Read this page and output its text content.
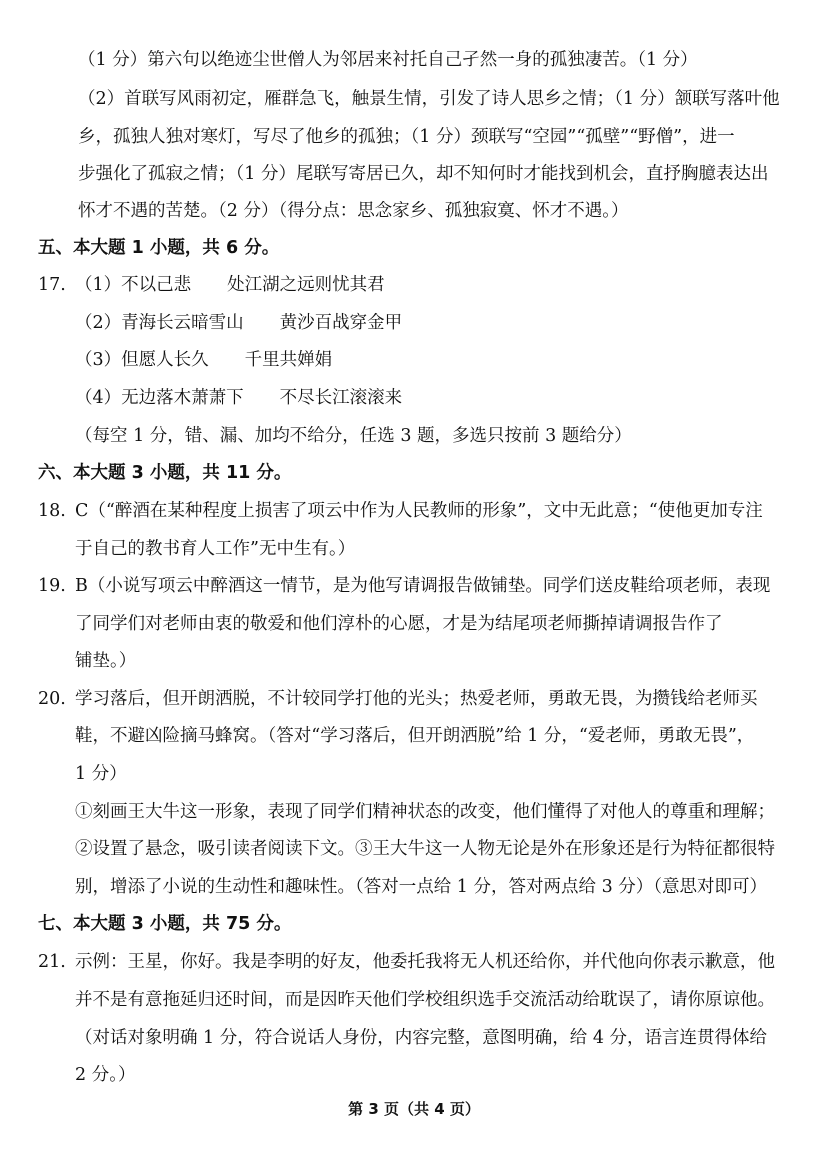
（1 分）第六句以绝迹尘世僧人为邻居来衬托自己孑然一身的孤独凄苦。（1 分）
（2）首联写风雨初定，雁群急飞，触景生情，引发了诗人思乡之情；（1 分）颔联写落叶他
乡，孤独人独对寒灯，写尽了他乡的孤独；（1 分）颈联写“空园”“孤壁”“野僧”，进一
步强化了孤寂之情；（1 分）尾联写寄居已久，却不知何时才能找到机会，直抒胸臆表达出
怀才不遇的苦楚。（2 分）（得分点：思念家乡、孤独寂寞、怀才不遇。）
五、本大题 1 小题，共 6 分。
17. （1）不以己悲 处江湖之远则忧其君
（2）青海长云暗雪山 黄沙百战穿金甲
（3）但愿人长久 千里共婵娟
（4）无边落木萧萧下 不尽长江滚滚来
（每空 1 分，错、漏、加均不给分，任选 3 题，多选只按前 3 题给分）
六、本大题 3 小题，共 11 分。
18. C（“醉酒在某种程度上损害了项云中作为人民教师的形象”，文中无此意；“使他更加专注
于自己的教书育人工作”无中生有。）
19. B（小说写项云中醉酒这一情节，是为他写请调报告做铺垫。同学们送皮鞋给项老师，表现
了同学们对老师由衷的敬爱和他们淳朴的心愿，才是为结尾项老师撕掉请调报告作了
铺垫。）
20. 学习落后，但开朗洒脱，不计较同学打他的光头；热爱老师，勇敢无畏，为攒钱给老师买
鞋，不避凶险摘马蜂窝。（答对“学习落后，但开朗洒脱”给 1 分，“爱老师，勇敢无畏”，
1 分）
①刻画王大牛这一形象，表现了同学们精神状态的改变，他们懂得了对他人的尊重和理解；
②设置了悬念，吸引读者阅读下文。③王大牛这一人物无论是外在形象还是行为特征都很特
别，增添了小说的生动性和趣味性。（答对一点给 1 分，答对两点给 3 分）（意思对即可）
七、本大题 3 小题，共 75 分。
21. 示例：王星，你好。我是李明的好友，他委托我将无人机还给你，并代他向你表示歉意，他
并不是有意拖延归还时间，而是因昨天他们学校组织选手交流活动给耽误了，请你原谅他。
（对话对象明确 1 分，符合说话人身份，内容完整，意图明确，给 4 分，语言连贯得体给
2 分。）
第 3 页（共 4 页）
